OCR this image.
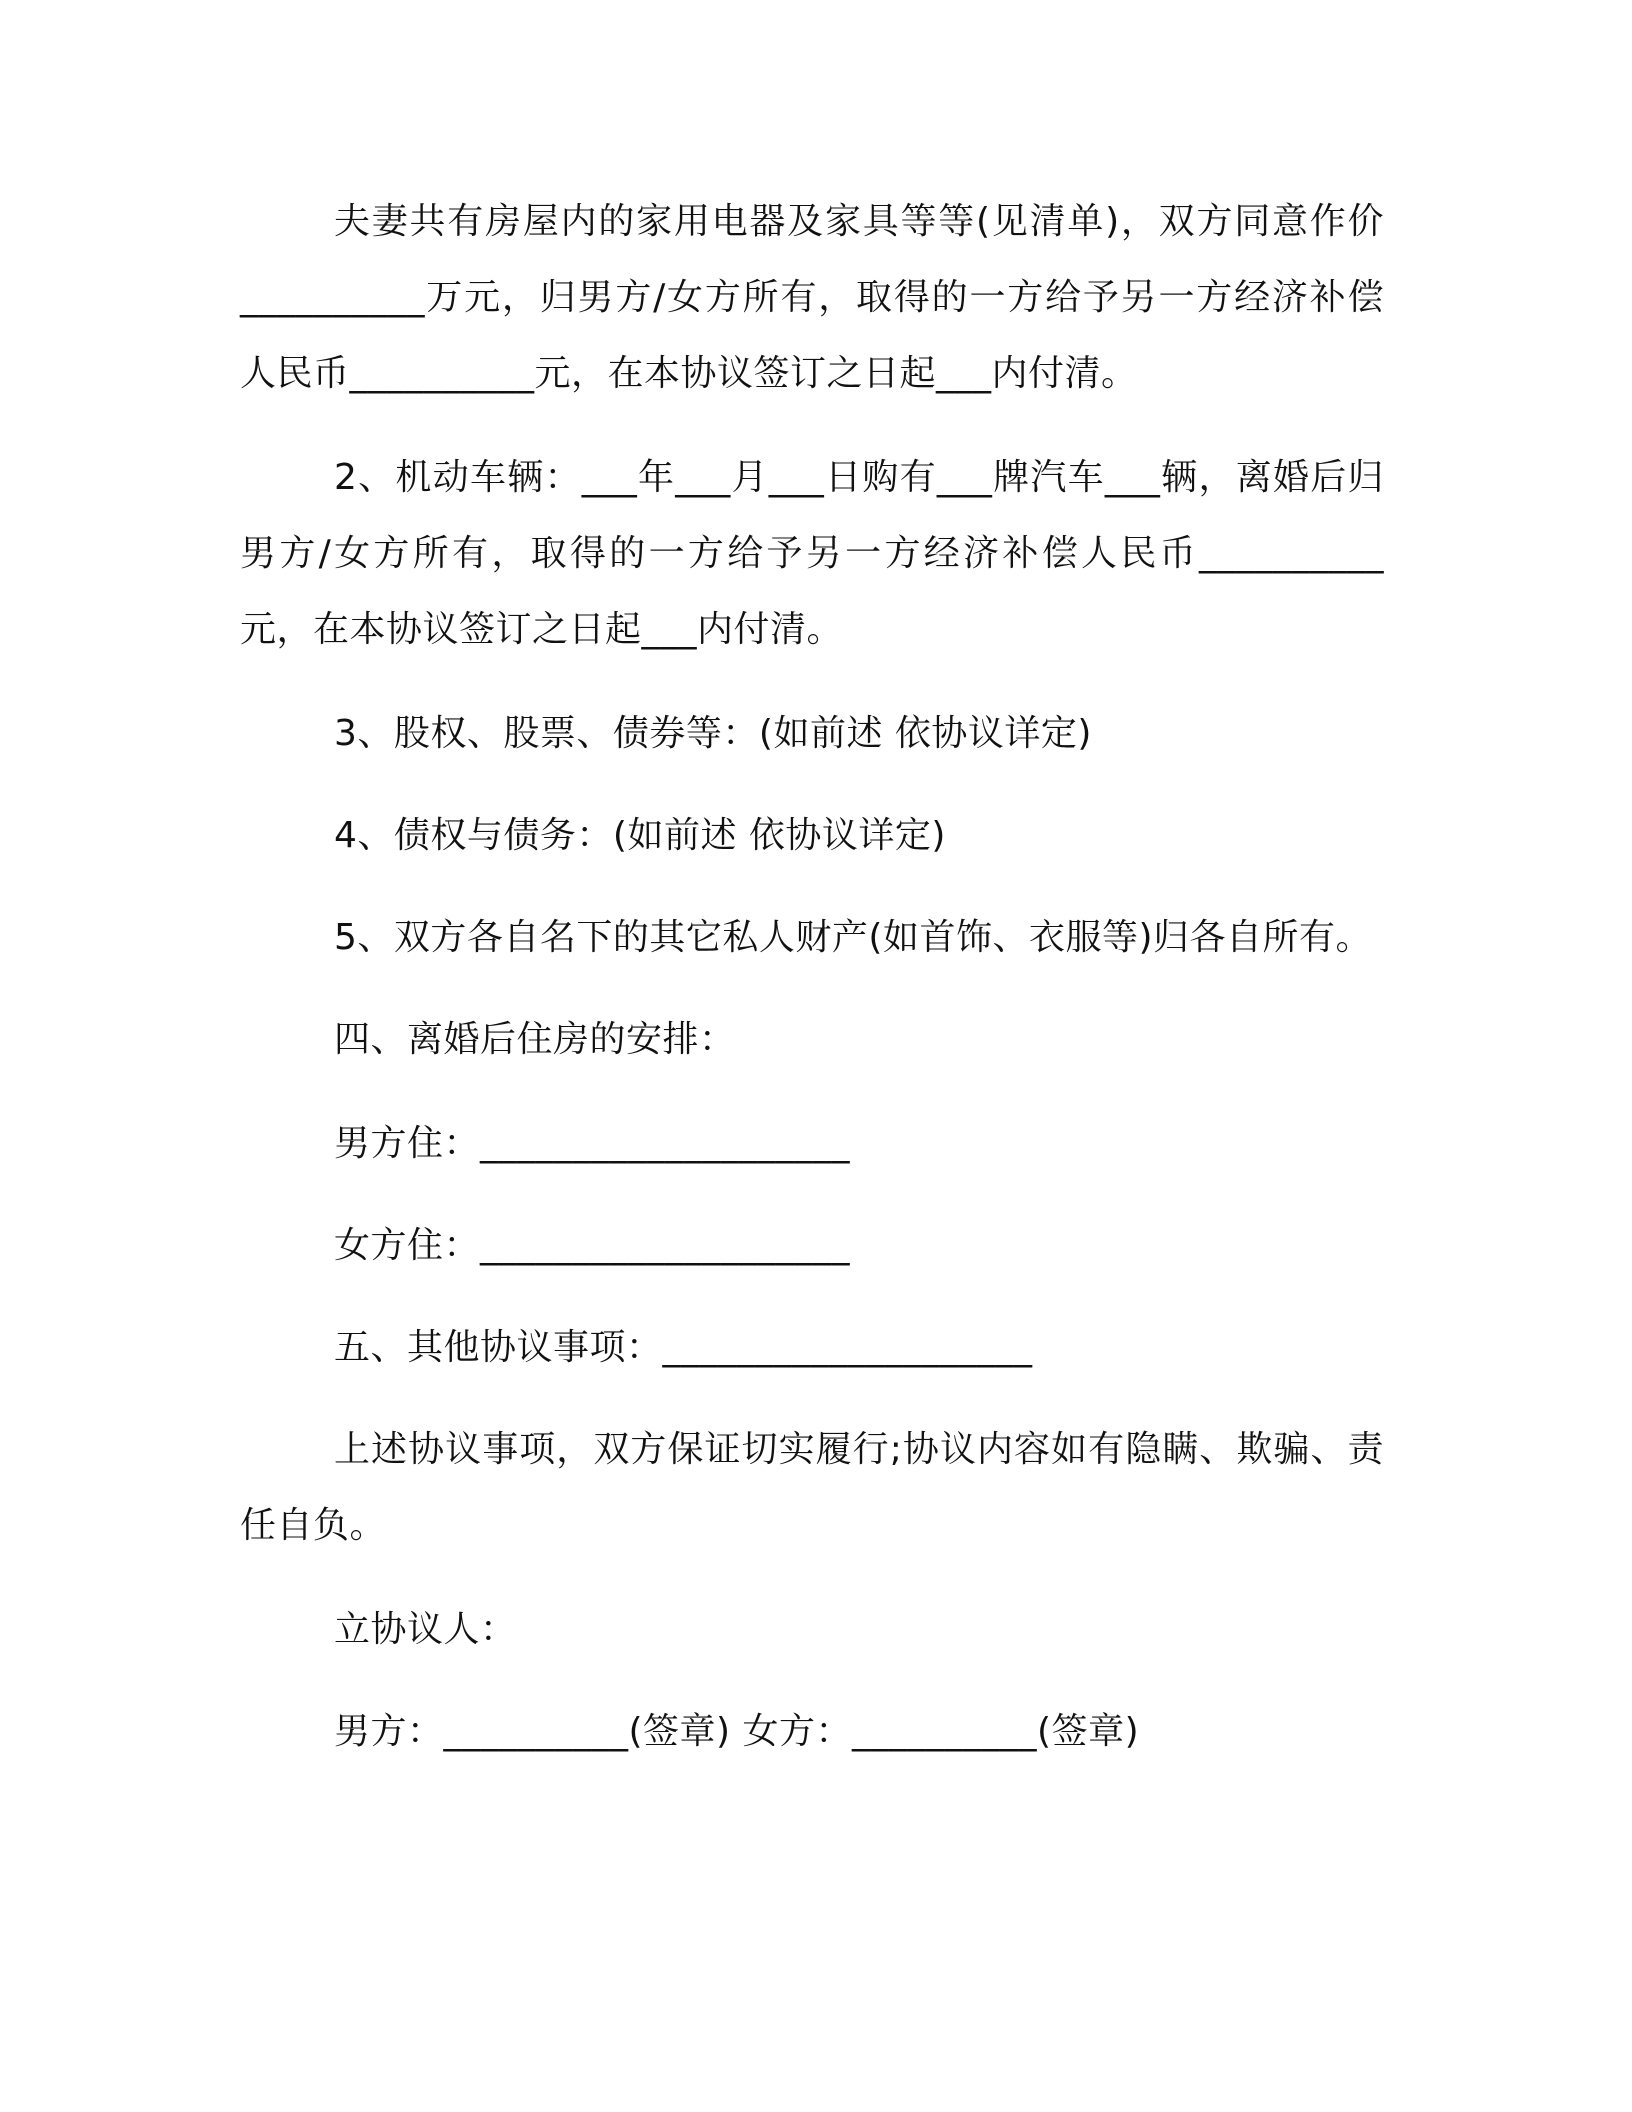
夫妻共有房屋内的家用电器及家具等等(见清单)，双方同意作价__________万元，归男方/女方所有，取得的一方给予另一方经济补偿人民币__________元，在本协议签订之日起___内付清。

2、机动车辆：___年___月___日购有___牌汽车___辆，离婚后归男方/女方所有，取得的一方给予另一方经济补偿人民币__________元，在本协议签订之日起___内付清。

3、股权、股票、债券等：(如前述 依协议详定)

4、债权与债务：(如前述 依协议详定)

5、双方各自名下的其它私人财产(如首饰、衣服等)归各自所有。

四、离婚后住房的安排：

男方住：____________________

女方住：____________________

五、其他协议事项：____________________

上述协议事项，双方保证切实履行;协议内容如有隐瞒、欺骗、责任自负。

立协议人：

男方：__________(签章) 女方：__________(签章)
